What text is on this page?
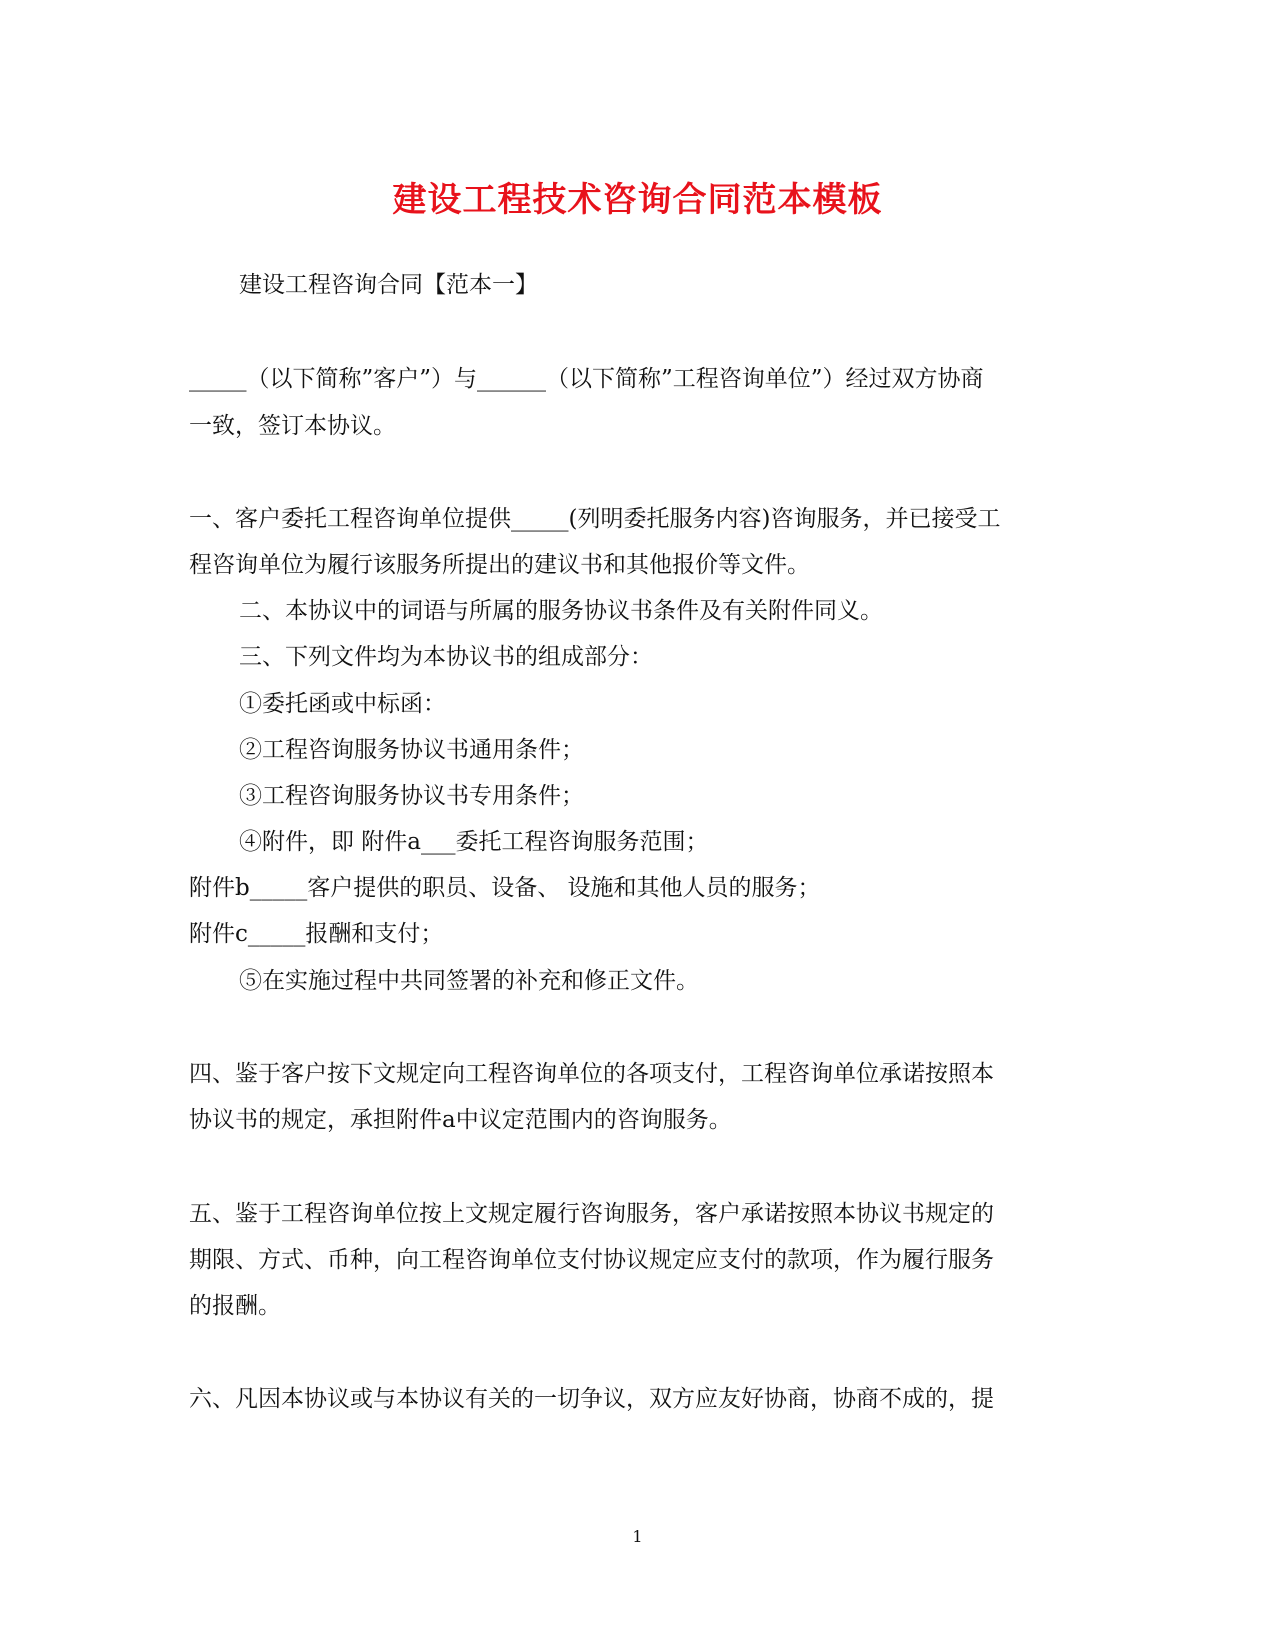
建设工程技术咨询合同范本模板
建设工程咨询合同【范本一】
_____（以下简称”客户”）与______（以下简称”工程咨询单位”）经过双方协商
一致，签订本协议。
一、客户委托工程咨询单位提供_____(列明委托服务内容)咨询服务，并已接受工
程咨询单位为履行该服务所提出的建议书和其他报价等文件。
二、本协议中的词语与所属的服务协议书条件及有关附件同义。
三、下列文件均为本协议书的组成部分：
①委托函或中标函：
②工程咨询服务协议书通用条件；
③工程咨询服务协议书专用条件；
④附件，即 附件a___委托工程咨询服务范围；
附件b_____客户提供的职员、设备、 设施和其他人员的服务；
附件c_____报酬和支付；
⑤在实施过程中共同签署的补充和修正文件。
四、鉴于客户按下文规定向工程咨询单位的各项支付，工程咨询单位承诺按照本
协议书的规定，承担附件a中议定范围内的咨询服务。
五、鉴于工程咨询单位按上文规定履行咨询服务，客户承诺按照本协议书规定的
期限、方式、币种，向工程咨询单位支付协议规定应支付的款项，作为履行服务
的报酬。
六、凡因本协议或与本协议有关的一切争议，双方应友好协商，协商不成的，提
1
